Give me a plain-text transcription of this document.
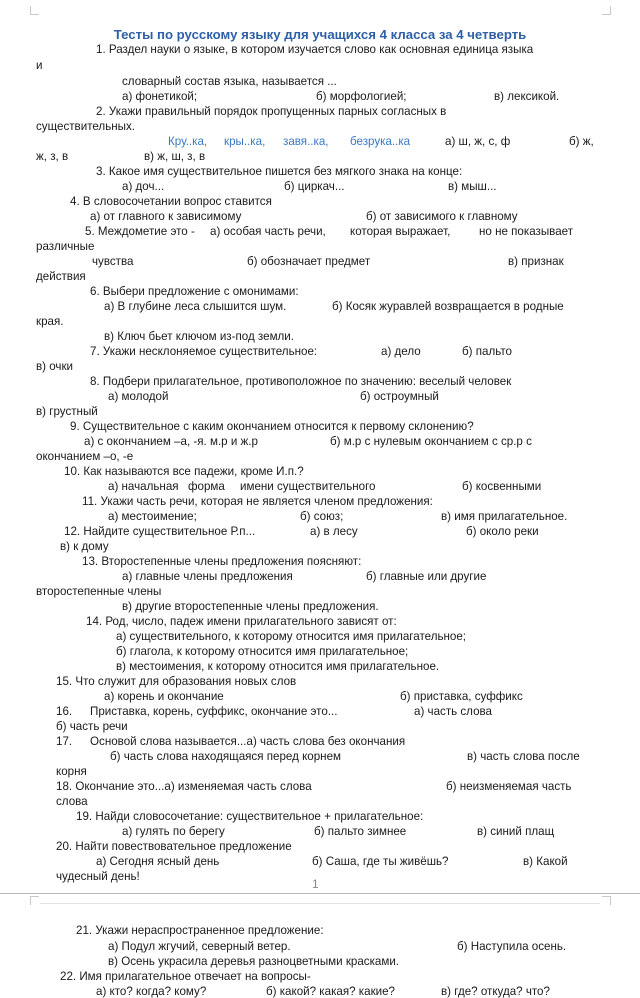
Тесты по русскому языку для учащихся 4 класса за 4 четверть
1. Раздел науки о языке, в котором изучается слово как основная единица языка
и
словарный состав языка, называется ...
а) фонетикой;	б) морфологией;	в) лексикой.
2. Укажи правильный порядок пропущенных парных согласных в
существительных.
Кру..ка, кры..ка, завя..ка, безрука..ка	а) ш, ж, с, ф	б) ж,
ж, з, в	в) ж, ш, з, в
3. Какое имя существительное пишется без мягкого знака на конце:
а) доч...	б) циркач...	в) мыш...
4. В словосочетании вопрос ставится
а) от главного к зависимому	б) от зависимого к главному
5. Междометие это - а) особая часть речи, которая выражает, но не показывает
различные
чувства	б) обозначает предмет	в) признак
действия
6. Выбери предложение с омонимами:
а) В глубине леса слышится шум.	б) Косяк журавлей возвращается в родные
края.
в) Ключ бьет ключом из-под земли.
7. Укажи несклоняемое существительное:	а) дело	б) пальто
в) очки
8. Подбери прилагательное, противоположное по значению: веселый человек
а) молодой	б) остроумный
в) грустный
9. Существительное с каким окончанием относится к первому склонению?
а) с окончанием –а, -я. м.р и ж.р	б) м.р с нулевым окончанием с ср.р с
окончанием –о, -е
10. Как называются все падежи, кроме И.п.?
а) начальная форма имени существительного	б) косвенными
11. Укажи часть речи, которая не является членом предложения:
а) местоимение;	б) союз;	в) имя прилагательное.
12. Найдите существительное Р.п...	а) в лесу	б) около реки
в) к дому
13. Второстепенные члены предложения поясняют:
а) главные члены предложения	б) главные или другие
второстепенные члены
в) другие второстепенные члены предложения.
14. Род, число, падеж имени прилагательного зависят от:
а) существительного, к которому относится имя прилагательное;
б) глагола, к которому относится имя прилагательное;
в) местоимения, к которому относится имя прилагательное.
15. Что служит для образования новых слов
а) корень и окончание	б) приставка, суффикс
16. Приставка, корень, суффикс, окончание это...	а) часть слова
б) часть речи
17. Основой слова называется...а) часть слова без окончания
б) часть слова находящаяся перед корнем	в) часть слова после
корня
18. Окончание это...а) изменяемая часть слова	б) неизменяемая часть
слова
19. Найди словосочетание: существительное + прилагательное:
а) гулять по берегу	б) пальто зимнее	в) синий плащ
20. Найти повествовательное предложение
а) Сегодня ясный день	б) Саша, где ты живёшь?	в) Какой
чудесный день!
21. Укажи нераспространенное предложение:
а) Подул жгучий, северный ветер.	б) Наступила осень.
в) Осень украсила деревья разноцветными красками.
22. Имя прилагательное отвечает на вопросы-
а) кто? когда? кому?	б) какой? какая? какие?	в) где? откуда? что?
1
